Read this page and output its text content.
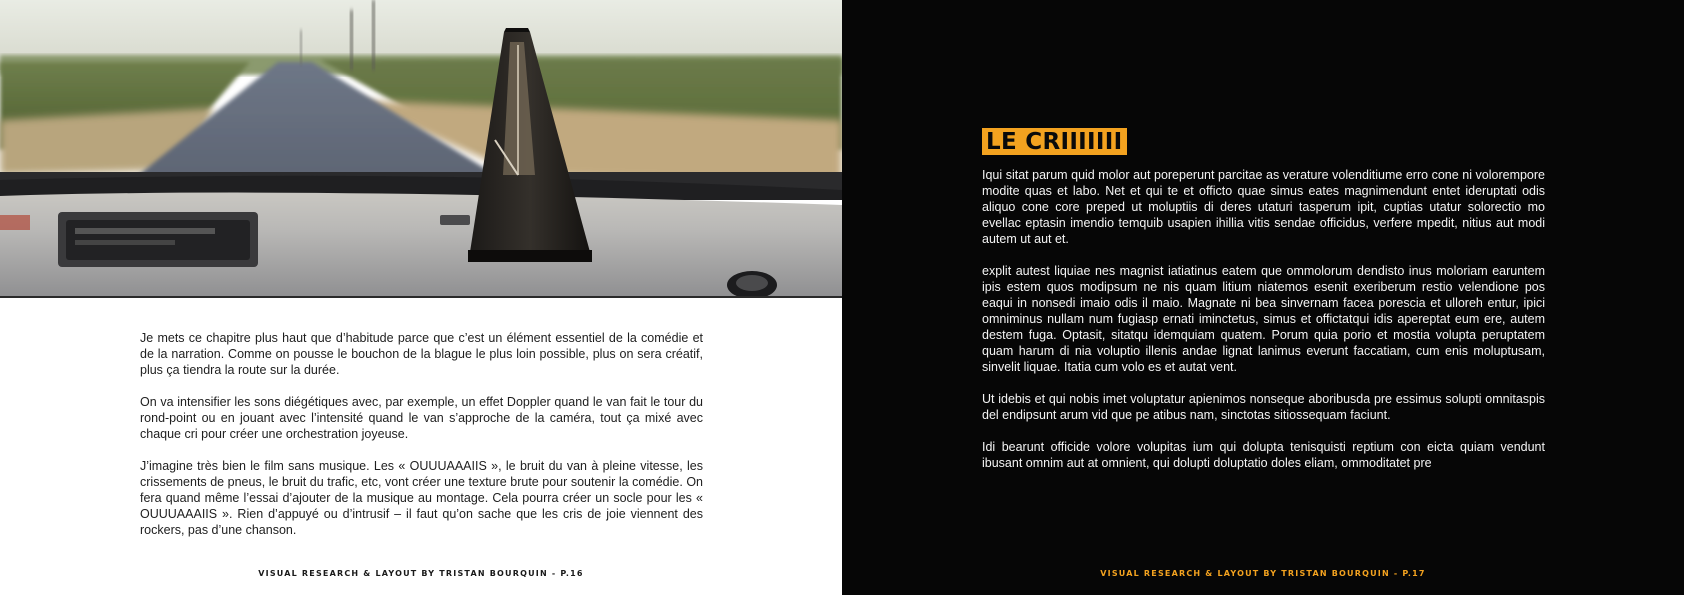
Je mets ce chapitre plus haut que d’habitude parce que c’est un élément essentiel de la comédie et de la narration. Comme on pousse le bouchon de la blague le plus loin possible, plus on sera créatif, plus ça tiendra la route sur la durée.

On va intensifier les sons diégétiques avec, par exemple, un effet Doppler quand le van fait le tour du rond-point ou en jouant avec l’intensité quand le van s’approche de la caméra, tout ça mixé avec chaque cri pour créer une orchestration joyeuse.

J’imagine très bien le film sans musique. Les « OUUUAAAIIS », le bruit du van à pleine vitesse, les crissements de pneus, le bruit du trafic, etc, vont créer une texture brute pour soutenir la comédie. On fera quand même l’essai d’ajouter de la musique au montage. Cela pourra créer un socle pour les « OUUUAAAIIS ». Rien d’appuyé ou d’intrusif – il faut qu’on sache que les cris de joie viennent des rockers, pas d’une chanson.

VISUAL RESEARCH & LAYOUT BY TRISTAN BOURQUIN - P.16
LE CRIIIIIII

Iqui sitat parum quid molor aut poreperunt parcitae as verature volenditiume erro cone ni volorempore modite quas et labo. Net et qui te et officto quae simus eates magnimendunt entet ideruptati odis aliquo cone core preped ut moluptiis di deres utaturi tasperum ipit, cuptias utatur solorectio mo evellac eptasin imendio temquib usapien ihillia vitis sendae officidus, verfere mpedit, nitius aut modi autem ut aut et.

explit autest liquiae nes magnist iatiatinus eatem que ommolorum dendisto inus moloriam earuntem ipis estem quos modipsum ne nis quam litium niatemos esenit exeriberum restio velendione pos eaqui in nonsedi imaio odis il maio. Magnate ni bea sinvernam facea porescia et ulloreh entur, ipici omniminus nullam num fugiasp ernati iminctetus, simus et offictatqui idis apereptat eum ere, autem destem fuga. Optasit, sitatqu idemquiam quatem. Porum quia porio et mostia volupta peruptatem quam harum di nia voluptio illenis andae lignat lanimus everunt faccatiam, cum enis moluptusam, sinvelit liquae. Itatia cum volo es et autat vent.

Ut idebis et qui nobis imet voluptatur apienimos nonseque aboribusda pre essimus solupti omnitaspis del endipsunt arum vid que pe atibus nam, sinctotas sitiossequam faciunt.

Idi bearunt officide volore volupitas ium qui dolupta tenisquisti reptium con eicta quiam vendunt ibusant omnim aut at omnient, qui dolupti doluptatio doles eliam, ommoditatet pre

VISUAL RESEARCH & LAYOUT BY TRISTAN BOURQUIN - P.17
